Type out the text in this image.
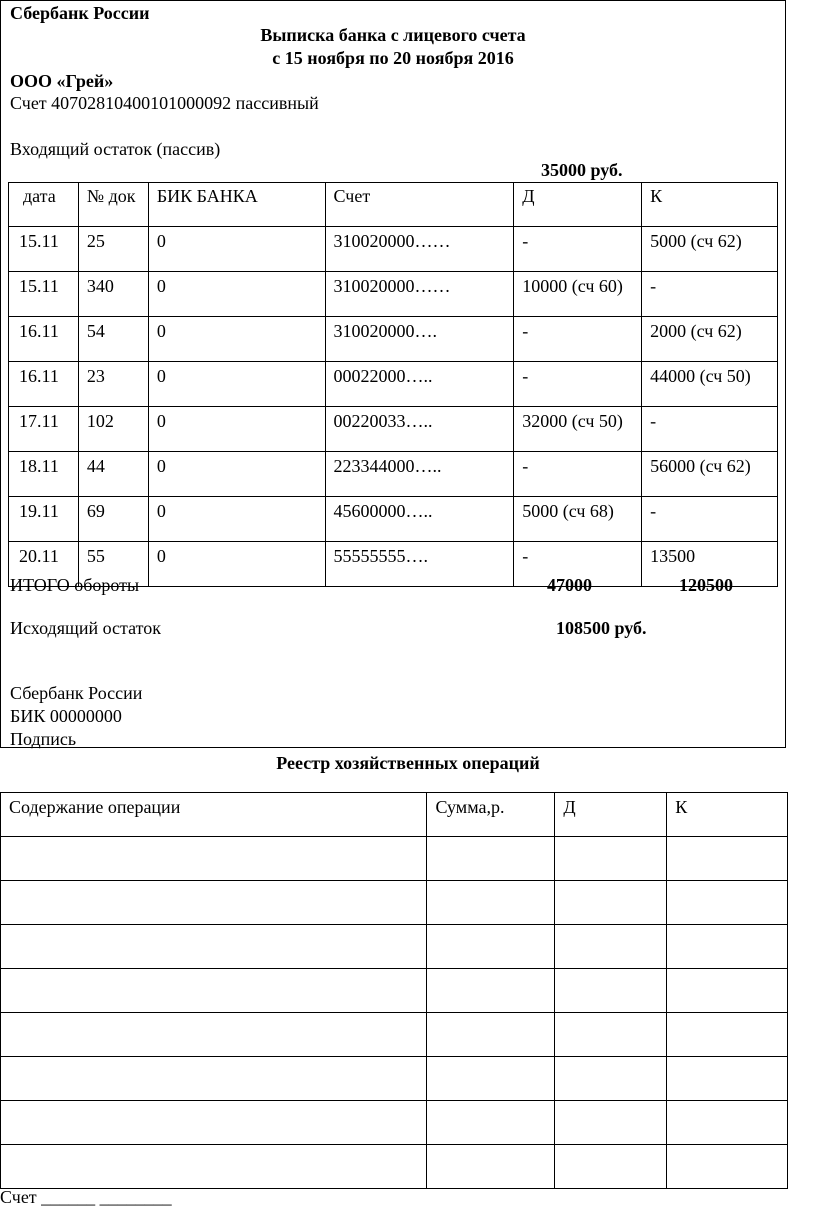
Сбербанк России
Выписка банка с лицевого счета
с 15 ноября по 20 ноября 2016
ООО «Грей»
Счет 40702810400101000092 пассивный
Входящий остаток (пассив)
35000 руб.
дата	№ док	БИК БАНКА	Счет	Д	К
15.11	25	0	310020000……	-	5000 (сч 62)
15.11	340	0	310020000……	10000 (сч 60)	-
16.11	54	0	310020000….	-	2000 (сч 62)
16.11	23	0	00022000…..	-	44000 (сч 50)
17.11	102	0	00220033…..	32000 (сч 50)	-
18.11	44	0	223344000…..	-	56000 (сч 62)
19.11	69	0	45600000…..	5000 (сч 68)	-
20.11	55	0	55555555….	-	13500
ИТОГО обороты	47000	120500
Исходящий остаток	108500 руб.
Сбербанк России
БИК 00000000
Подпись
Реестр хозяйственных операций
Содержание операции	Сумма,р.	Д	К

Счет ______ ________
